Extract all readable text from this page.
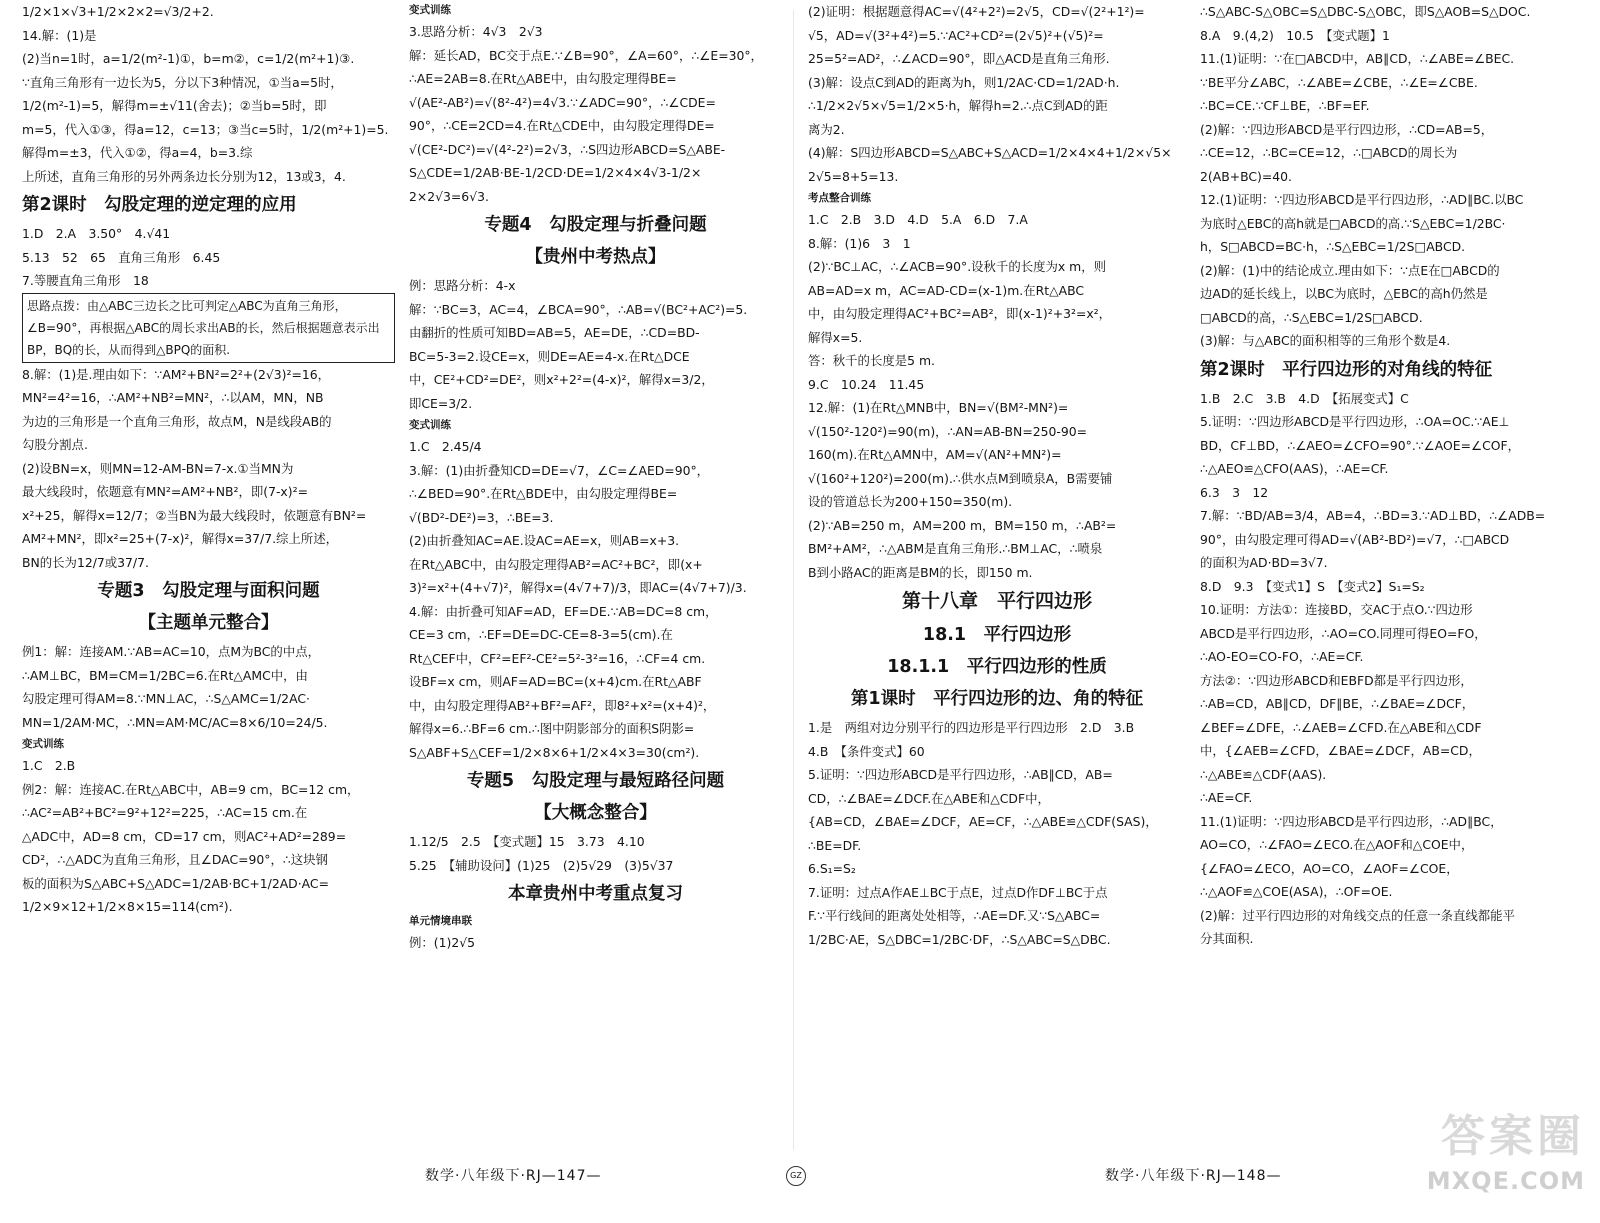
1/2×1×√3+1/2×2×2=√3/2+2.

14.解：(1)是

(2)当n=1时，a=1/2(m²-1)①，b=m②，c=1/2(m²+1)③.

∵直角三角形有一边长为5，分以下3种情况，①当a=5时，

1/2(m²-1)=5，解得m=±√11(舍去)；②当b=5时，即

m=5，代入①③，得a=12，c=13；③当c=5时，1/2(m²+1)=5.

解得m=±3，代入①②，得a=4，b=3.综

上所述，直角三角形的另外两条边长分别为12，13或3，4.

第2课时　勾股定理的逆定理的应用

1.D　2.A　3.50°　4.√41

5.13　52　65　直角三角形　6.45

7.等腰直角三角形　18

思路点拨：由△ABC三边长之比可判定△ABC为直角三角形，∠B=90°，再根据△ABC的周长求出AB的长，然后根据题意表示出BP，BQ的长，从而得到△BPQ的面积.

8.解：(1)是.理由如下：∵AM²+BN²=2²+(2√3)²=16，

MN²=4²=16，∴AM²+NB²=MN²，∴以AM，MN，NB

为边的三角形是一个直角三角形，故点M，N是线段AB的

勾股分割点.

(2)设BN=x，则MN=12-AM-BN=7-x.①当MN为

最大线段时，依题意有MN²=AM²+NB²，即(7-x)²=

x²+25，解得x=12/7；②当BN为最大线段时，依题意有BN²=

AM²+MN²，即x²=25+(7-x)²，解得x=37/7.综上所述，

BN的长为12/7或37/7.

专题3　勾股定理与面积问题

【主题单元整合】

例1：解：连接AM.∵AB=AC=10，点M为BC的中点，

∴AM⊥BC，BM=CM=1/2BC=6.在Rt△AMC中，由

勾股定理可得AM=8.∵MN⊥AC，∴S△AMC=1/2AC·

MN=1/2AM·MC，∴MN=AM·MC/AC=8×6/10=24/5.

变式训练

1.C　2.B

例2：解：连接AC.在Rt△ABC中，AB=9 cm，BC=12 cm，

∴AC²=AB²+BC²=9²+12²=225，∴AC=15 cm.在

△ADC中，AD=8 cm，CD=17 cm，则AC²+AD²=289=

CD²，∴△ADC为直角三角形，且∠DAC=90°，∴这块钢

板的面积为S△ABC+S△ADC=1/2AB·BC+1/2AD·AC=

1/2×9×12+1/2×8×15=114(cm²).

变式训练

3.思路分析：4√3　2√3

解：延长AD，BC交于点E.∵∠B=90°，∠A=60°，∴∠E=30°，

∴AE=2AB=8.在Rt△ABE中，由勾股定理得BE=

√(AE²-AB²)=√(8²-4²)=4√3.∵∠ADC=90°，∴∠CDE=

90°，∴CE=2CD=4.在Rt△CDE中，由勾股定理得DE=

√(CE²-DC²)=√(4²-2²)=2√3，∴S四边形ABCD=S△ABE-

S△CDE=1/2AB·BE-1/2CD·DE=1/2×4×4√3-1/2×

2×2√3=6√3.

专题4　勾股定理与折叠问题

【贵州中考热点】

例：思路分析：4-x

解：∵BC=3，AC=4，∠BCA=90°，∴AB=√(BC²+AC²)=5.

由翻折的性质可知BD=AB=5，AE=DE，∴CD=BD-

BC=5-3=2.设CE=x，则DE=AE=4-x.在Rt△DCE

中，CE²+CD²=DE²，则x²+2²=(4-x)²，解得x=3/2，

即CE=3/2.

变式训练

1.C　2.45/4

3.解：(1)由折叠知CD=DE=√7，∠C=∠AED=90°，

∴∠BED=90°.在Rt△BDE中，由勾股定理得BE=

√(BD²-DE²)=3，∴BE=3.

(2)由折叠知AC=AE.设AC=AE=x，则AB=x+3.

在Rt△ABC中，由勾股定理得AB²=AC²+BC²，即(x+

3)²=x²+(4+√7)²，解得x=(4√7+7)/3，即AC=(4√7+7)/3.

4.解：由折叠可知AF=AD，EF=DE.∵AB=DC=8 cm，

CE=3 cm，∴EF=DE=DC-CE=8-3=5(cm).在

Rt△CEF中，CF²=EF²-CE²=5²-3²=16，∴CF=4 cm.

设BF=x cm，则AF=AD=BC=(x+4)cm.在Rt△ABF

中，由勾股定理得AB²+BF²=AF²，即8²+x²=(x+4)²，

解得x=6.∴BF=6 cm.∴图中阴影部分的面积S阴影=

S△ABF+S△CEF=1/2×8×6+1/2×4×3=30(cm²).

专题5　勾股定理与最短路径问题

【大概念整合】

1.12/5　2.5　【变式题】15　3.73　4.10

5.25　【辅助设问】(1)25　(2)5√29　(3)5√37

本章贵州中考重点复习

单元情境串联

例：(1)2√5

(2)证明：根据题意得AC=√(4²+2²)=2√5，CD=√(2²+1²)=

√5，AD=√(3²+4²)=5.∵AC²+CD²=(2√5)²+(√5)²=

25=5²=AD²，∴∠ACD=90°，即△ACD是直角三角形.

(3)解：设点C到AD的距离为h，则1/2AC·CD=1/2AD·h.

∴1/2×2√5×√5=1/2×5·h，解得h=2.∴点C到AD的距

离为2.

(4)解：S四边形ABCD=S△ABC+S△ACD=1/2×4×4+1/2×√5×

2√5=8+5=13.

考点整合训练

1.C　2.B　3.D　4.D　5.A　6.D　7.A

8.解：(1)6　3　1

(2)∵BC⊥AC，∴∠ACB=90°.设秋千的长度为x m，则

AB=AD=x m，AC=AD-CD=(x-1)m.在Rt△ABC

中，由勾股定理得AC²+BC²=AB²，即(x-1)²+3²=x²，

解得x=5.

答：秋千的长度是5 m.

9.C　10.24　11.45

12.解：(1)在Rt△MNB中，BN=√(BM²-MN²)=

√(150²-120²)=90(m)，∴AN=AB-BN=250-90=

160(m).在Rt△AMN中，AM=√(AN²+MN²)=

√(160²+120²)=200(m).∴供水点M到喷泉A，B需要铺

设的管道总长为200+150=350(m).

(2)∵AB=250 m，AM=200 m，BM=150 m，∴AB²=

BM²+AM²，∴△ABM是直角三角形.∴BM⊥AC，∴喷泉

B到小路AC的距离是BM的长，即150 m.

第十八章　平行四边形

18.1　平行四边形

18.1.1　平行四边形的性质

第1课时　平行四边形的边、角的特征

1.是　两组对边分别平行的四边形是平行四边形　2.D　3.B

4.B　【条件变式】60

5.证明：∵四边形ABCD是平行四边形，∴AB∥CD，AB=

CD，∴∠BAE=∠DCF.在△ABE和△CDF中，

{AB=CD，∠BAE=∠DCF，AE=CF，∴△ABE≌△CDF(SAS)，∴BE=DF.

6.S₁=S₂

7.证明：过点A作AE⊥BC于点E，过点D作DF⊥BC于点

F.∵平行线间的距离处处相等，∴AE=DF.又∵S△ABC=

1/2BC·AE，S△DBC=1/2BC·DF，∴S△ABC=S△DBC.

∴S△ABC-S△OBC=S△DBC-S△OBC，即S△AOB=S△DOC.

8.A　9.(4,2)　10.5　【变式题】1

11.(1)证明：∵在□ABCD中，AB∥CD，∴∠ABE=∠BEC.

∵BE平分∠ABC，∴∠ABE=∠CBE，∴∠E=∠CBE.

∴BC=CE.∵CF⊥BE，∴BF=EF.

(2)解：∵四边形ABCD是平行四边形，∴CD=AB=5，

∴CE=12，∴BC=CE=12，∴□ABCD的周长为

2(AB+BC)=40.

12.(1)证明：∵四边形ABCD是平行四边形，∴AD∥BC.以BC

为底时△EBC的高h就是□ABCD的高.∵S△EBC=1/2BC·

h，S□ABCD=BC·h，∴S△EBC=1/2S□ABCD.

(2)解：(1)中的结论成立.理由如下：∵点E在□ABCD的

边AD的延长线上，以BC为底时，△EBC的高h仍然是

□ABCD的高，∴S△EBC=1/2S□ABCD.

(3)解：与△ABC的面积相等的三角形个数是4.

第2课时　平行四边形的对角线的特征

1.B　2.C　3.B　4.D　【拓展变式】C

5.证明：∵四边形ABCD是平行四边形，∴OA=OC.∵AE⊥

BD，CF⊥BD，∴∠AEO=∠CFO=90°.∵∠AOE=∠COF，

∴△AEO≌△CFO(AAS)，∴AE=CF.

6.3　3　12

7.解：∵BD/AB=3/4，AB=4，∴BD=3.∵AD⊥BD，∴∠ADB=

90°，由勾股定理可得AD=√(AB²-BD²)=√7，∴□ABCD

的面积为AD·BD=3√7.

8.D　9.3　【变式1】S　【变式2】S₁=S₂

10.证明：方法①：连接BD，交AC于点O.∵四边形

ABCD是平行四边形，∴AO=CO.同理可得EO=FO，

∴AO-EO=CO-FO，∴AE=CF.

方法②：∵四边形ABCD和EBFD都是平行四边形，

∴AB=CD，AB∥CD，DF∥BE，∴∠BAE=∠DCF，

∠BEF=∠DFE，∴∠AEB=∠CFD.在△ABE和△CDF

中，{∠AEB=∠CFD，∠BAE=∠DCF，AB=CD，∴△ABE≌△CDF(AAS).

∴AE=CF.

11.(1)证明：∵四边形ABCD是平行四边形，∴AD∥BC，

AO=CO，∴∠FAO=∠ECO.在△AOF和△COE中，

{∠FAO=∠ECO，AO=CO，∠AOF=∠COE，∴△AOF≌△COE(ASA)，∴OF=OE.

(2)解：过平行四边形的对角线交点的任意一条直线都能平

分其面积.

数学·八年级下·RJ—147—	GZ	数学·八年级下·RJ—148—
答案圈
MXQE.COM
